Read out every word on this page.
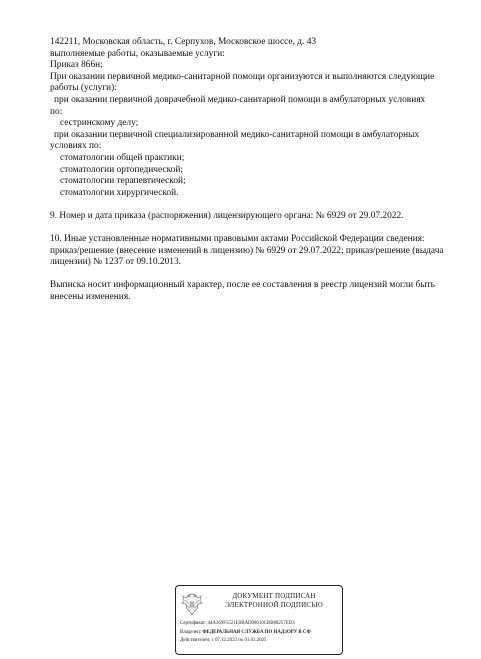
142211, Московская область, г. Серпухов, Московское шоссе, д. 43
выполняемые работы, оказываемые услуги:
Приказ 866н;
При оказании первичной медико-санитарной помощи организуются и выполняются следующие
работы (услуги):
при оказании первичной доврачебной медико-санитарной помощи в амбулаторных условиях
по:
сестринскому делу;
при оказании первичной специализированной медико-санитарной помощи в амбулаторных
условиях по:
стоматологии общей практики;
стоматологии ортопедической;
стоматологии терапевтической;
стоматологии хирургической.
9. Номер и дата приказа (распоряжения) лицензирующего органа: № 6929 от 29.07.2022.
10. Иные установленные нормативными правовыми актами Российской Федерации сведения:
приказ/решение (внесение изменений в лицензию) № 6929 от 29.07.2022; приказ/решение (выдача
лицензии) № 1237 от 09.10.2013.
Выписка носит информационный характер, после ее составления в реестр лицензий могли быть
внесены изменения.
ДОКУМЕНТ ПОДПИСАН
ЭЛЕКТРОННОЙ ПОДПИСЬЮ
Сертификат: 44A369F5521E0BAD08610CBB88257ED3
Владелец: ФЕДЕРАЛЬНАЯ СЛУЖБА ПО НАДЗОРУ В СФ
Действителен: с 07.12.2023 по 01.03.2025
